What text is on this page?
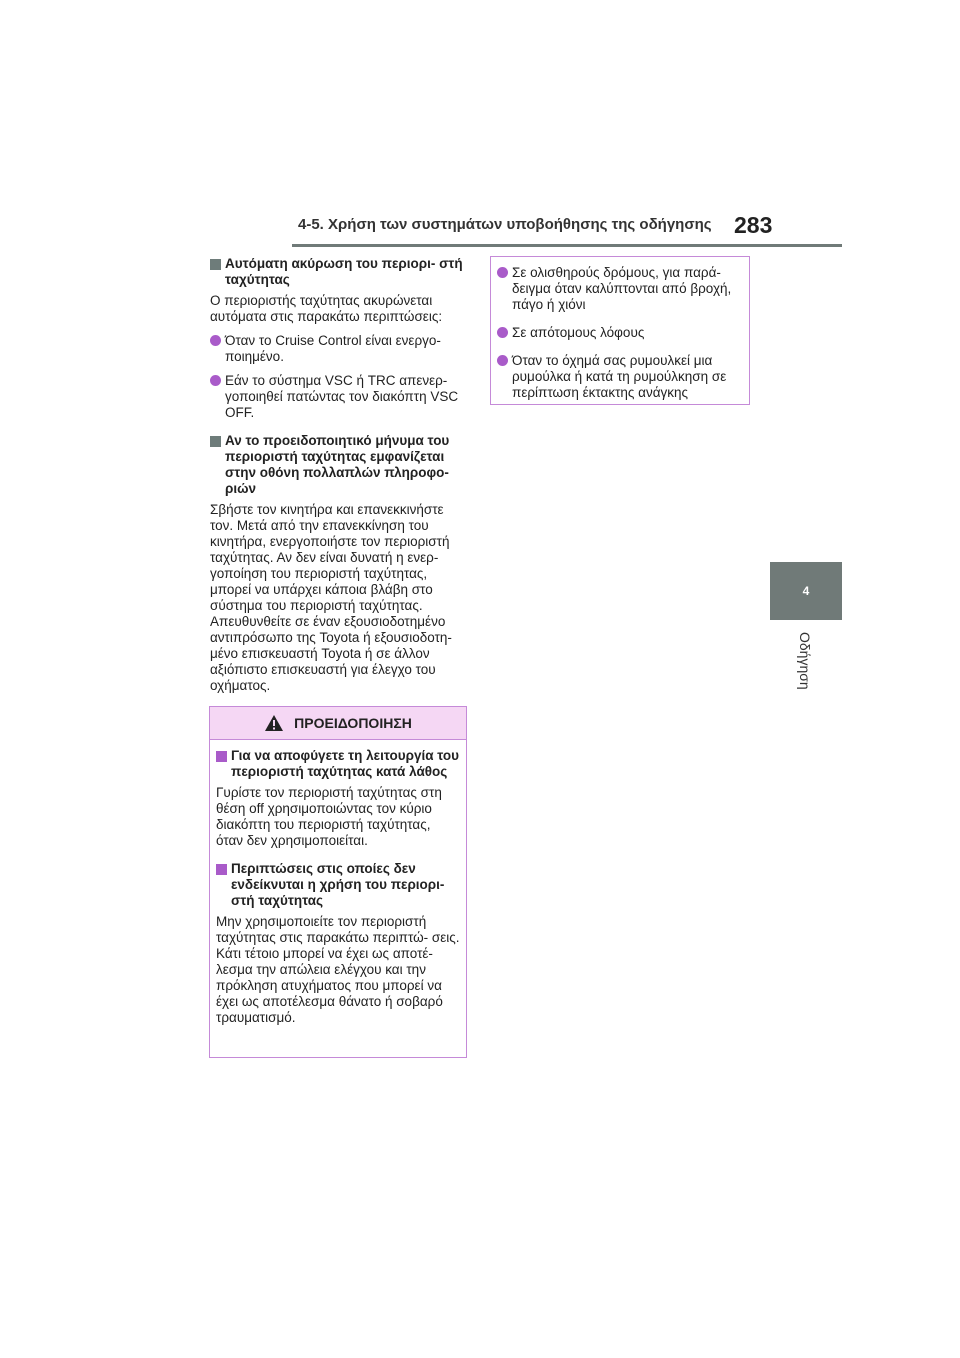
4-5. Χρήση των συστημάτων υποβοήθησης της οδήγησης 283
4
Οδήγηση
Αυτόματη ακύρωση του περιορι- στή ταχύτητας
Ο περιοριστής ταχύτητας ακυρώνεται αυτόματα στις παρακάτω περιπτώσεις:
Όταν το Cruise Control είναι ενεργο- ποιημένο.
Εάν το σύστημα VSC ή TRC απενερ- γοποιηθεί πατώντας τον διακόπτη VSC OFF.
Αν το προειδοποιητικό μήνυμα του περιοριστή ταχύτητας εμφανίζεται στην οθόνη πολλαπλών πληροφο- ριών
Σβήστε τον κινητήρα και επανεκκινήστε τον. Μετά από την επανεκκίνηση του κινητήρα, ενεργοποιήστε τον περιοριστή ταχύτητας. Αν δεν είναι δυνατή η ενερ- γοποίηση του περιοριστή ταχύτητας, μπορεί να υπάρχει κάποια βλάβη στο σύστημα του περιοριστή ταχύτητας. Απευθυνθείτε σε έναν εξουσιοδοτημένο αντιπρόσωπο της Toyota ή εξουσιοδοτη- μένο επισκευαστή Toyota ή σε άλλον αξιόπιστο επισκευαστή για έλεγχο του οχήματος.
ΠΡΟΕΙΔΟΠΟΙΗΣΗ
Για να αποφύγετε τη λειτουργία του περιοριστή ταχύτητας κατά λάθος
Γυρίστε τον περιοριστή ταχύτητας στη θέση off χρησιμοποιώντας τον κύριο διακόπτη του περιοριστή ταχύτητας, όταν δεν χρησιμοποιείται.
Περιπτώσεις στις οποίες δεν ενδείκνυται η χρήση του περιορι- στή ταχύτητας
Μην χρησιμοποιείτε τον περιοριστή ταχύτητας στις παρακάτω περιπτώ- σεις.
Κάτι τέτοιο μπορεί να έχει ως αποτέ- λεσμα την απώλεια ελέγχου και την πρόκληση ατυχήματος που μπορεί να έχει ως αποτέλεσμα θάνατο ή σοβαρό τραυματισμό.
Σε ολισθηρούς δρόμους, για παρά- δειγμα όταν καλύπτονται από βροχή, πάγο ή χιόνι
Σε απότομους λόφους
Όταν το όχημά σας ρυμουλκεί μια ρυμούλκα ή κατά τη ρυμούλκηση σε περίπτωση έκτακτης ανάγκης
